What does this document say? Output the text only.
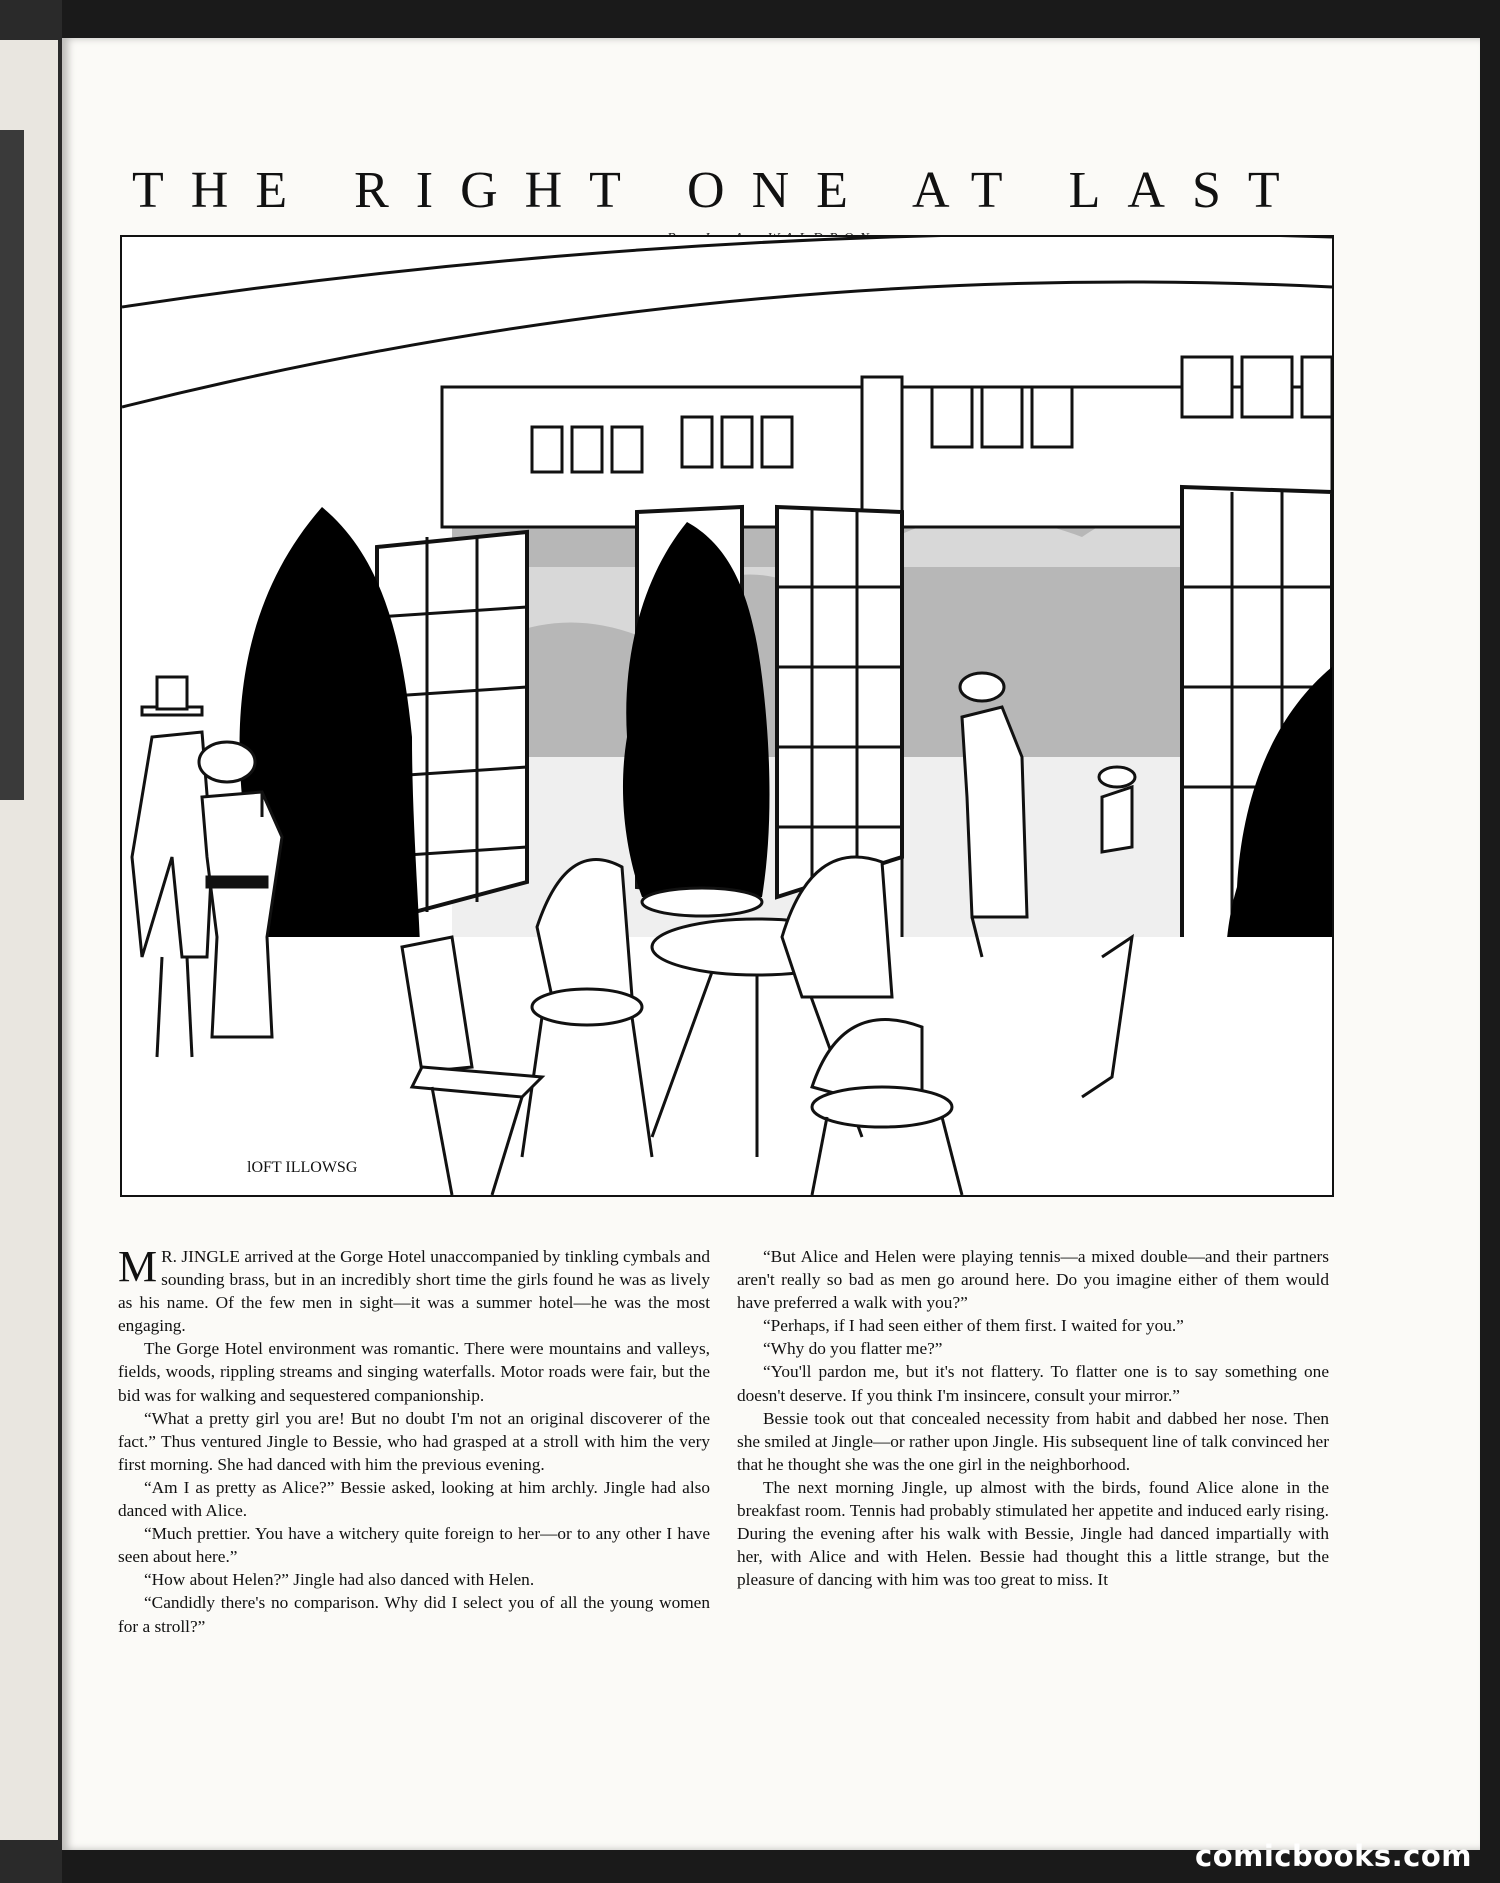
THE RIGHT ONE AT LAST
lOFT ILLOWSG

M R. JINGLE arrived at the Gorge Hotel unaccompanied by tinkling cymbals and sounding brass, but in an incredibly short time the girls found he was as lively as his name. Of the few men in sight—it was a summer hotel—he was the most engaging.

The Gorge Hotel environment was romantic. There were mountains and valleys, fields, woods, rippling streams and singing waterfalls. Motor roads were fair, but the bid was for walking and sequestered companionship.

“What a pretty girl you are! But no doubt I'm not an original discoverer of the fact.” Thus ventured Jingle to Bessie, who had grasped at a stroll with him the very first morning. She had danced with him the previous evening.

“Am I as pretty as Alice?” Bessie asked, looking at him archly. Jingle had also danced with Alice.

“Much prettier. You have a witchery quite foreign to her—or to any other I have seen about here.”

“How about Helen?” Jingle had also danced with Helen.

“Candidly there's no comparison. Why did I select you of all the young women for a stroll?”

“But Alice and Helen were playing tennis—a mixed double—and their partners aren't really so bad as men go around here. Do you imagine either of them would have preferred a walk with you?”

“Perhaps, if I had seen either of them first. I waited for you.”

“Why do you flatter me?”

“You'll pardon me, but it's not flattery. To flatter one is to say something one doesn't deserve. If you think I'm insincere, consult your mirror.”

Bessie took out that concealed necessity from habit and dabbed her nose. Then she smiled at Jingle—or rather upon Jingle. His subsequent line of talk convinced her that he thought she was the one girl in the neighborhood.

The next morning Jingle, up almost with the birds, found Alice alone in the breakfast room. Tennis had probably stimulated her appetite and induced early rising. During the evening after his walk with Bessie, Jingle had danced impartially with her, with Alice and with Helen. Bessie had thought this a little strange, but the pleasure of dancing with him was too great to miss. It

comicbooks.com
